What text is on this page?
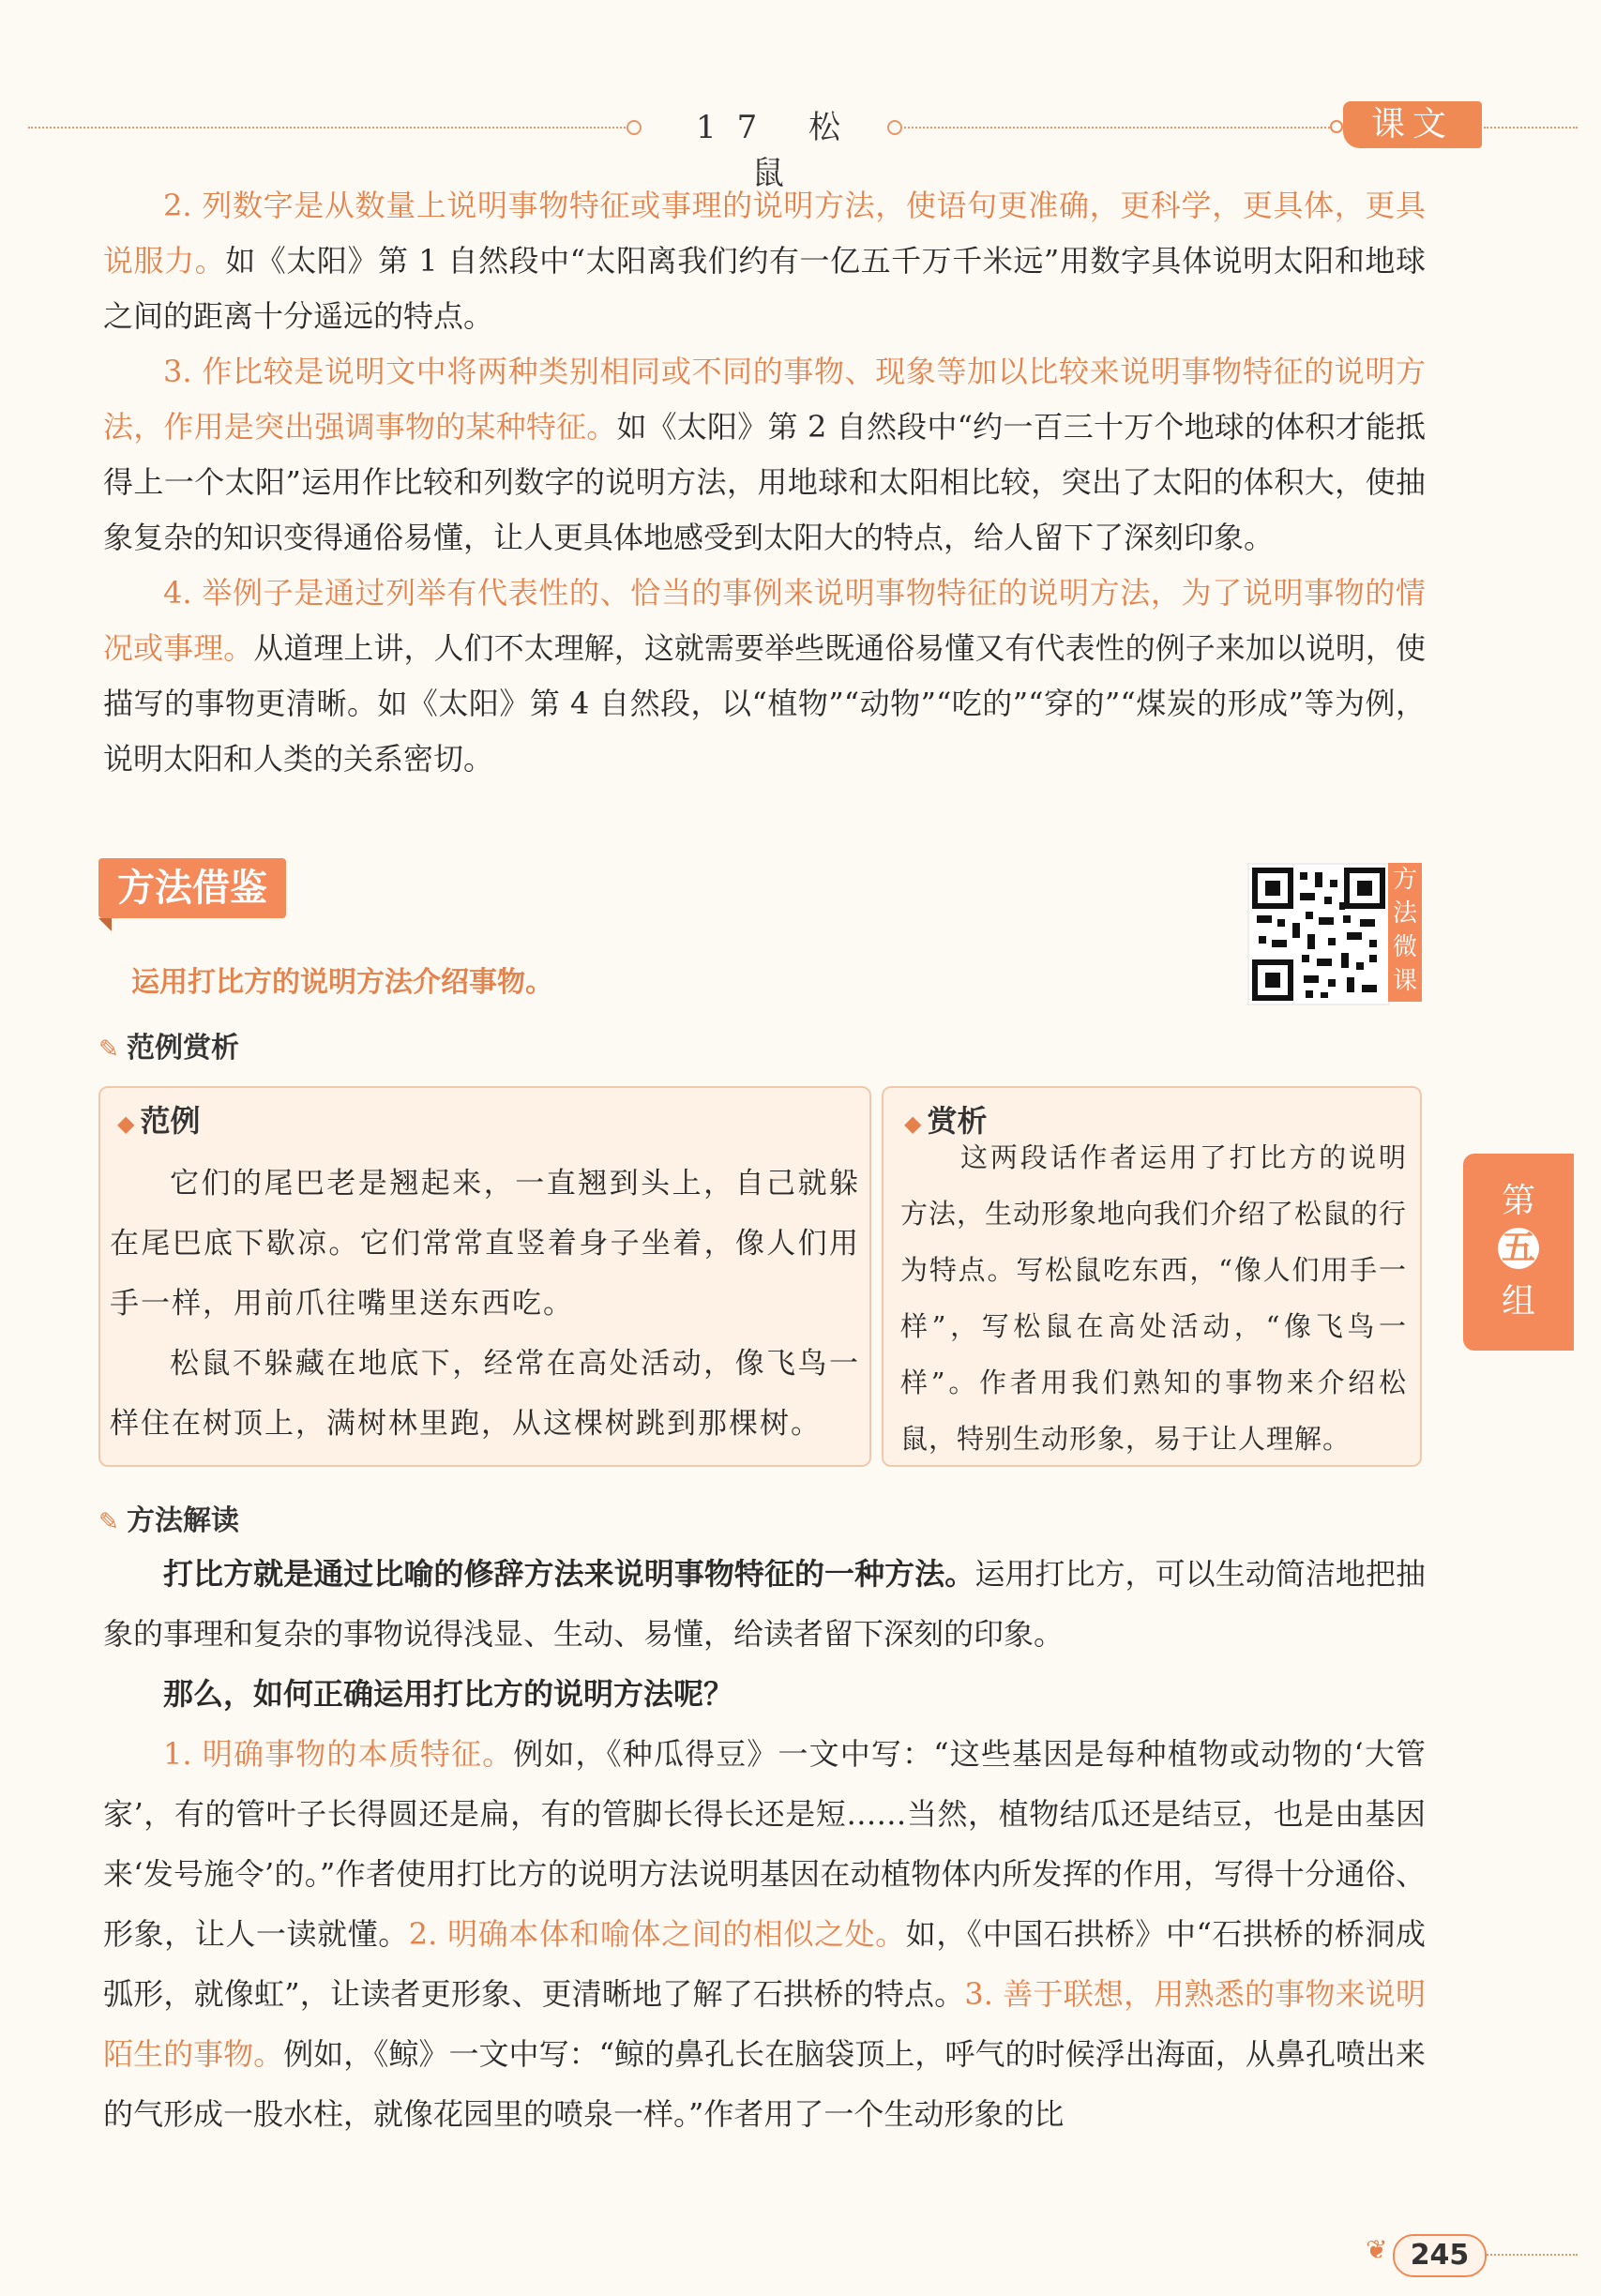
17 松 鼠
课文

2. 列数字是从数量上说明事物特征或事理的说明方法，使语句更准确，更科学，更具体，更具说服力。如《太阳》第 1 自然段中“太阳离我们约有一亿五千万千米远”用数字具体说明太阳和地球之间的距离十分遥远的特点。

3. 作比较是说明文中将两种类别相同或不同的事物、现象等加以比较来说明事物特征的说明方法，作用是突出强调事物的某种特征。如《太阳》第 2 自然段中“约一百三十万个地球的体积才能抵得上一个太阳”运用作比较和列数字的说明方法，用地球和太阳相比较，突出了太阳的体积大，使抽象复杂的知识变得通俗易懂，让人更具体地感受到太阳大的特点，给人留下了深刻印象。

4. 举例子是通过列举有代表性的、恰当的事例来说明事物特征的说明方法，为了说明事物的情况或事理。从道理上讲，人们不太理解，这就需要举些既通俗易懂又有代表性的例子来加以说明，使描写的事物更清晰。如《太阳》第 4 自然段，以“植物”“动物”“吃的”“穿的”“煤炭的形成”等为例，说明太阳和人类的关系密切。

方法借鉴	方法微课
运用打比方的说明方法介绍事物。
✎ 范例赏析
◆ 范例

它们的尾巴老是翘起来，一直翘到头上，自己就躲在尾巴底下歇凉。它们常常直竖着身子坐着，像人们用手一样，用前爪往嘴里送东西吃。

松鼠不躲藏在地底下，经常在高处活动，像飞鸟一样住在树顶上，满树林里跑，从这棵树跳到那棵树。

◆ 赏析

这两段话作者运用了打比方的说明方法，生动形象地向我们介绍了松鼠的行为特点。写松鼠吃东西，“像人们用手一样”，写松鼠在高处活动，“像飞鸟一样”。作者用我们熟知的事物来介绍松鼠，特别生动形象，易于让人理解。

第
五
组
✎ 方法解读

打比方就是通过比喻的修辞方法来说明事物特征的一种方法。运用打比方，可以生动简洁地把抽象的事理和复杂的事物说得浅显、生动、易懂，给读者留下深刻的印象。

那么，如何正确运用打比方的说明方法呢？

1. 明确事物的本质特征。例如，《种瓜得豆》一文中写：“这些基因是每种植物或动物的‘大管家’，有的管叶子长得圆还是扁，有的管脚长得长还是短……当然，植物结瓜还是结豆，也是由基因来‘发号施令’的。”作者使用打比方的说明方法说明基因在动植物体内所发挥的作用，写得十分通俗、形象，让人一读就懂。2. 明确本体和喻体之间的相似之处。如，《中国石拱桥》中“石拱桥的桥洞成弧形，就像虹”，让读者更形象、更清晰地了解了石拱桥的特点。3. 善于联想，用熟悉的事物来说明陌生的事物。例如，《鲸》一文中写：“鲸的鼻孔长在脑袋顶上，呼气的时候浮出海面，从鼻孔喷出来的气形成一股水柱，就像花园里的喷泉一样。”作者用了一个生动形象的比

❦ 245
